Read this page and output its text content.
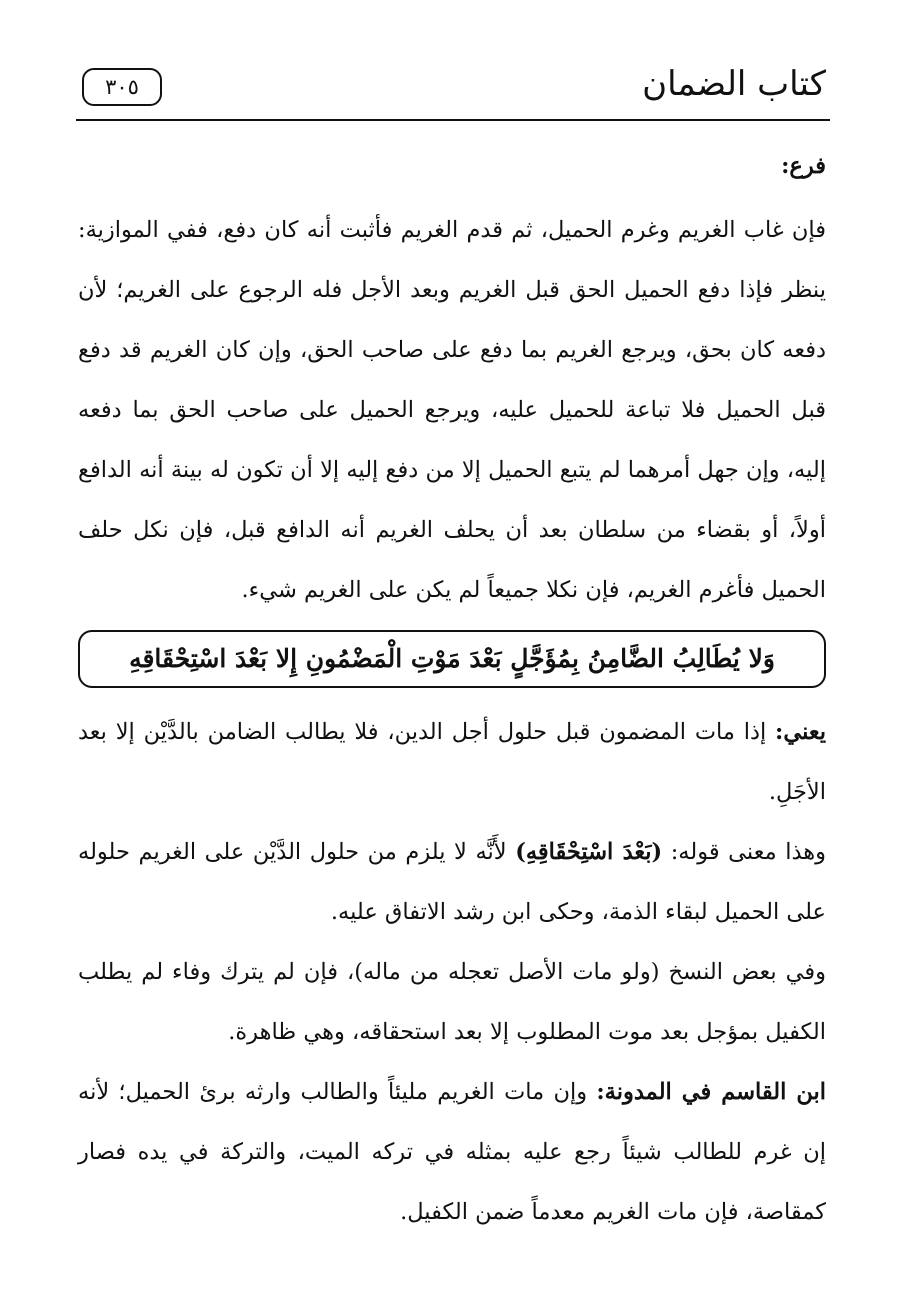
كتاب الضمان
٣٠٥

فرع:

فإن غاب الغريم وغرم الحميل، ثم قدم الغريم فأثبت أنه كان دفع، ففي الموازية: ينظر فإذا دفع الحميل الحق قبل الغريم وبعد الأجل فله الرجوع على الغريم؛ لأن دفعه كان بحق، ويرجع الغريم بما دفع على صاحب الحق، وإن كان الغريم قد دفع قبل الحميل فلا تباعة للحميل عليه، ويرجع الحميل على صاحب الحق بما دفعه إليه، وإن جهل أمرهما لم يتبع الحميل إلا من دفع إليه إلا أن تكون له بينة أنه الدافع أولاً، أو بقضاء من سلطان بعد أن يحلف الغريم أنه الدافع قبل، فإن نكل حلف الحميل فأغرم الغريم، فإن نكلا جميعاً لم يكن على الغريم شيء.

وَلا يُطَالِبُ الضَّامِنُ بِمُؤَجَّلٍ بَعْدَ مَوْتِ الْمَضْمُونِ إِلا بَعْدَ اسْتِحْقَاقِهِ

يعني: إذا مات المضمون قبل حلول أجل الدين، فلا يطالب الضامن بالدَّيْن إلا بعد الأجَلِ.

وهذا معنى قوله: (بَعْدَ اسْتِحْقَاقِهِ) لأَنَّه لا يلزم من حلول الدَّيْن على الغريم حلوله على الحميل لبقاء الذمة، وحكى ابن رشد الاتفاق عليه.

وفي بعض النسخ (ولو مات الأصل تعجله من ماله)، فإن لم يترك وفاء لم يطلب الكفيل بمؤجل بعد موت المطلوب إلا بعد استحقاقه، وهي ظاهرة.

ابن القاسم في المدونة: وإن مات الغريم مليئاً والطالب وارثه برئ الحميل؛ لأنه إن غرم للطالب شيئاً رجع عليه بمثله في تركه الميت، والتركة في يده فصار كمقاصة، فإن مات الغريم معدماً ضمن الكفيل.
